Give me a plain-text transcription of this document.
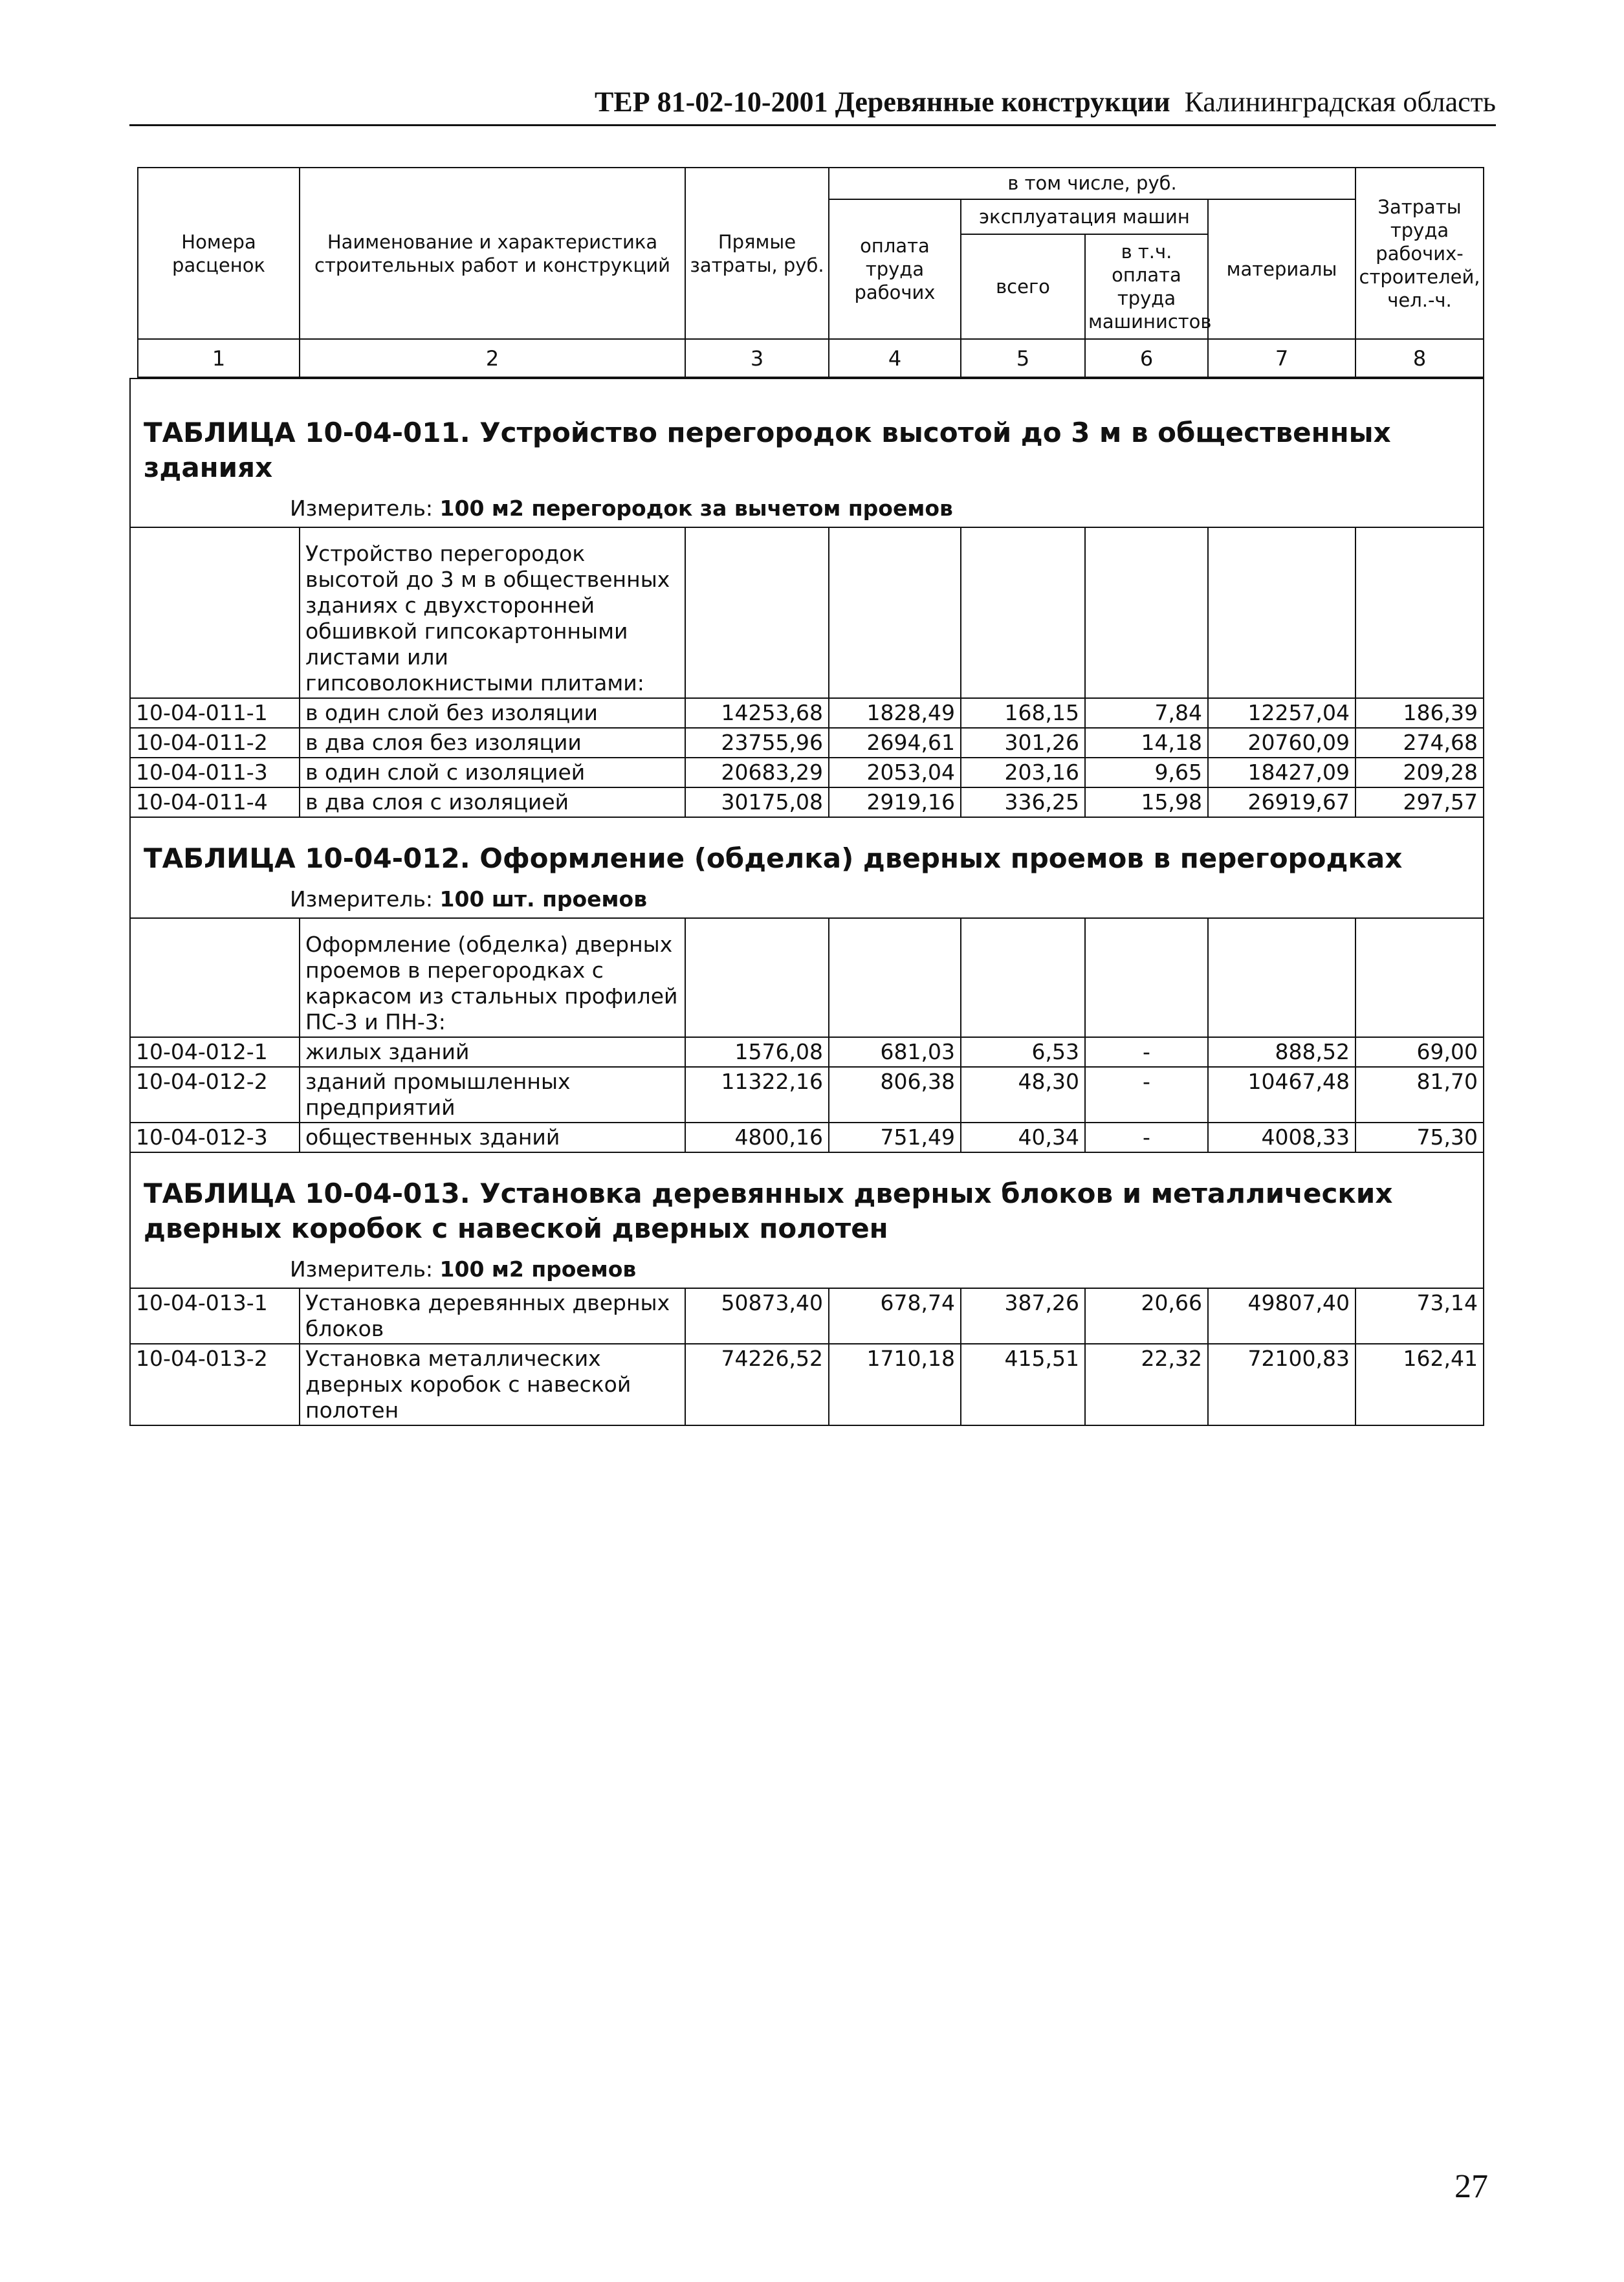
ТЕР 81-02-10-2001 Деревянные конструкции Калининградская область
Номера расценок	Наименование и характеристика строительных работ и конструкций	Прямые затраты, руб.	в том числе, руб.				Затраты труда рабочих-строителей, чел.-ч.
			оплата труда рабочих	эксплуатация машин		материалы	
				всего	в т.ч. оплата труда машинистов		
1	2	3	4	5	6	7	8
ТАБЛИЦА 10-04-011. Устройство перегородок высотой до 3 м в общественных зданиях							

Измеритель: 100 м2 перегородок за вычетом проемов							
	Устройство перегородок высотой до 3 м в общественных зданиях с двухсторонней обшивкой гипсокартонными листами или гипсоволокнистыми плитами:						
10-04-011-1	в один слой без изоляции	14253,68	1828,49	168,15	7,84	12257,04	186,39
10-04-011-2	в два слоя без изоляции	23755,96	2694,61	301,26	14,18	20760,09	274,68
10-04-011-3	в один слой с изоляцией	20683,29	2053,04	203,16	9,65	18427,09	209,28
10-04-011-4	в два слоя с изоляцией	30175,08	2919,16	336,25	15,98	26919,67	297,57

ТАБЛИЦА 10-04-012. Оформление (обделка) дверных проемов в перегородках							

Измеритель: 100 шт. проемов							
	Оформление (обделка) дверных проемов в перегородках с каркасом из стальных профилей ПС-3 и ПН-3:						
10-04-012-1	жилых зданий	1576,08	681,03	6,53	-	888,52	69,00
10-04-012-2	зданий промышленных предприятий	11322,16	806,38	48,30	-	10467,48	81,70
10-04-012-3	общественных зданий	4800,16	751,49	40,34	-	4008,33	75,30

ТАБЛИЦА 10-04-013. Установка деревянных дверных блоков и металлических дверных коробок с навеской дверных полотен							

Измеритель: 100 м2 проемов							
10-04-013-1	Установка деревянных дверных блоков	50873,40	678,74	387,26	20,66	49807,40	73,14
10-04-013-2	Установка металлических дверных коробок с навеской полотен	74226,52	1710,18	415,51	22,32	72100,83	162,41
27
